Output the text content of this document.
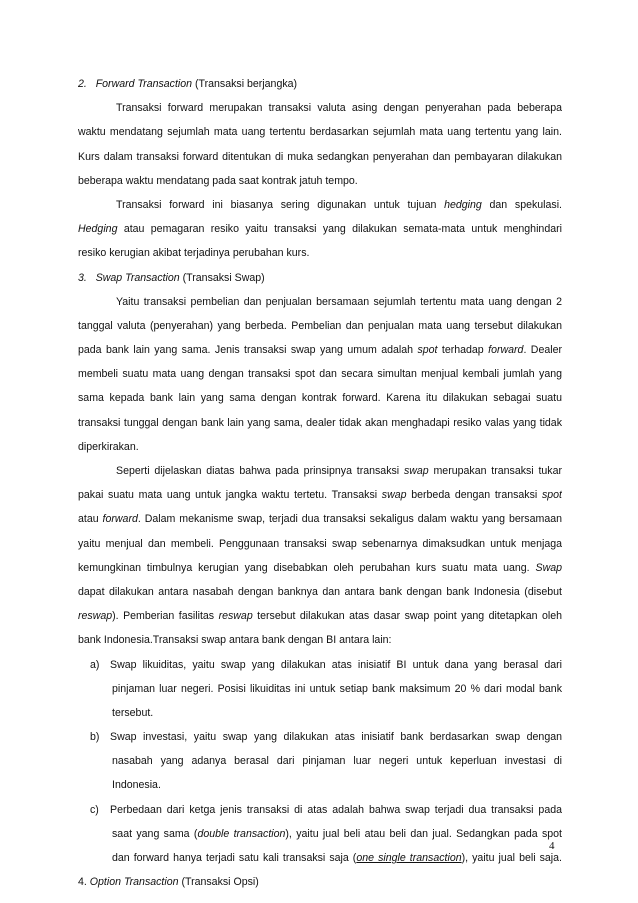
2. Forward Transaction (Transaksi berjangka)
Transaksi forward merupakan transaksi valuta asing dengan penyerahan pada beberapa
waktu mendatang sejumlah mata uang tertentu berdasarkan sejumlah mata uang tertentu yang lain.
Kurs dalam transaksi forward ditentukan di muka sedangkan penyerahan dan pembayaran dilakukan
beberapa waktu mendatang pada saat kontrak jatuh tempo.
Transaksi forward ini biasanya sering digunakan untuk tujuan hedging dan spekulasi.
Hedging atau pemagaran resiko yaitu transaksi yang dilakukan semata-mata untuk menghindari
resiko kerugian akibat terjadinya perubahan kurs.
3. Swap Transaction (Transaksi Swap)
Yaitu transaksi pembelian dan penjualan bersamaan sejumlah tertentu mata uang dengan 2
tanggal valuta (penyerahan) yang berbeda. Pembelian dan penjualan mata uang tersebut dilakukan
pada bank lain yang sama. Jenis transaksi swap yang umum adalah spot terhadap forward. Dealer
membeli suatu mata uang dengan transaksi spot dan secara simultan menjual kembali jumlah yang
sama kepada bank lain yang sama dengan kontrak forward. Karena itu dilakukan sebagai suatu
transaksi tunggal dengan bank lain yang sama, dealer tidak akan menghadapi resiko valas yang tidak
diperkirakan.
Seperti dijelaskan diatas bahwa pada prinsipnya transaksi swap merupakan transaksi tukar
pakai suatu mata uang untuk jangka waktu tertetu. Transaksi swap berbeda dengan transaksi spot
atau forward. Dalam mekanisme swap, terjadi dua transaksi sekaligus dalam waktu yang bersamaan
yaitu menjual dan membeli. Penggunaan transaksi swap sebenarnya dimaksudkan untuk menjaga
kemungkinan timbulnya kerugian yang disebabkan oleh perubahan kurs suatu mata uang. Swap
dapat dilakukan antara nasabah dengan banknya dan antara bank dengan bank Indonesia (disebut
reswap). Pemberian fasilitas reswap tersebut dilakukan atas dasar swap point yang ditetapkan oleh
bank Indonesia.Transaksi swap antara bank dengan BI antara lain:
a) Swap likuiditas, yaitu swap yang dilakukan atas inisiatif BI untuk dana yang berasal dari
pinjaman luar negeri. Posisi likuiditas ini untuk setiap bank maksimum 20 % dari modal bank
tersebut.
b) Swap investasi, yaitu swap yang dilakukan atas inisiatif bank berdasarkan swap dengan
nasabah yang adanya berasal dari pinjaman luar negeri untuk keperluan investasi di
Indonesia.
c) Perbedaan dari ketga jenis transaksi di atas adalah bahwa swap terjadi dua transaksi pada
saat yang sama (double transaction), yaitu jual beli atau beli dan jual. Sedangkan pada spot
dan forward hanya terjadi satu kali transaksi saja (one single transaction), yaitu jual beli saja.
4. Option Transaction (Transaksi Opsi)
4
